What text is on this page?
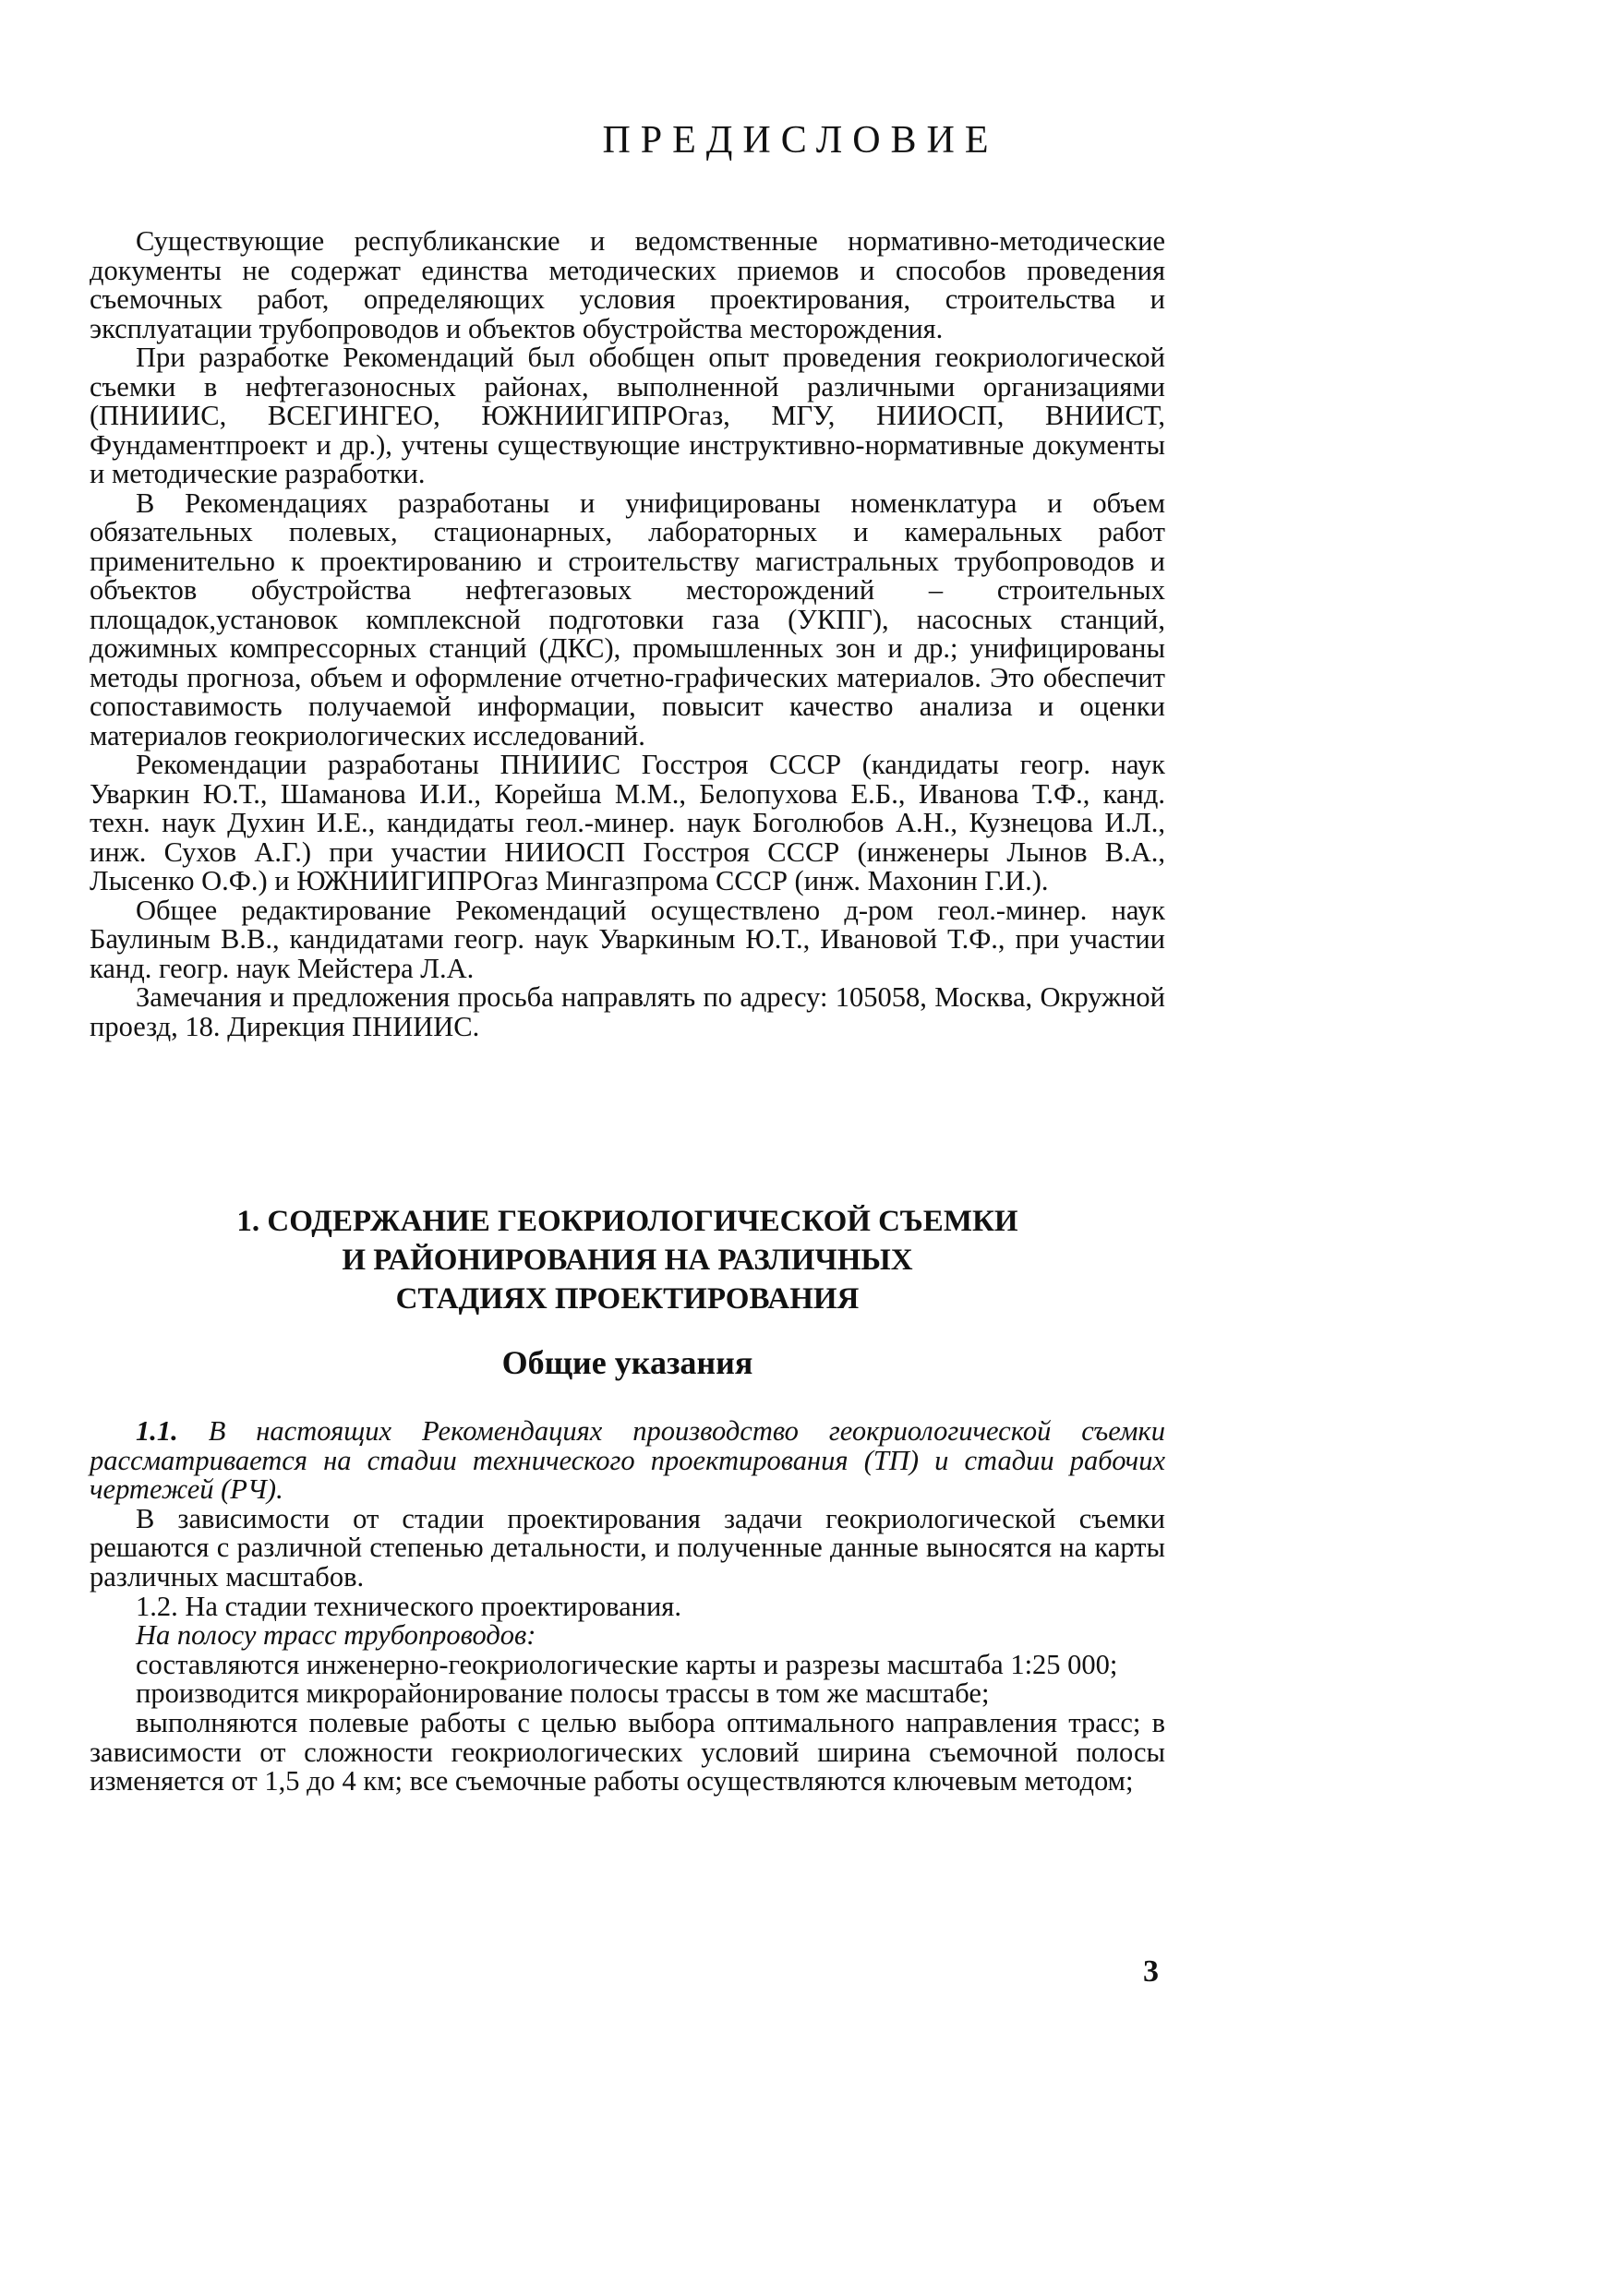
ПРЕДИСЛОВИЕ

Существующие республиканские и ведомственные нормативно-методические документы не содержат единства методических приемов и способов проведения съемочных работ, определяющих условия проектирования, строительства и эксплуатации трубопроводов и объектов обустройства месторождения.

При разработке Рекомендаций был обобщен опыт проведения геокриологической съемки в нефтегазоносных районах, выполненной различными организациями (ПНИИИС, ВСЕГИНГЕО, ЮЖНИИГИПРОгаз, МГУ, НИИОСП, ВНИИСТ, Фундаментпроект и др.), учтены существующие инструктивно-нормативные документы и методические разработки.

В Рекомендациях разработаны и унифицированы номенклатура и объем обязательных полевых, стационарных, лабораторных и камеральных работ применительно к проектированию и строительству магистральных трубопроводов и объектов обустройства нефтегазовых месторождений – строительных площадок,установок комплексной подготовки газа (УКПГ), насосных станций, дожимных компрессорных станций (ДКС), промышленных зон и др.; унифицированы методы прогноза, объем и оформление отчетно-графических материалов. Это обеспечит сопоставимость получаемой информации, повысит качество анализа и оценки материалов геокриологических исследований.

Рекомендации разработаны ПНИИИС Госстроя СССР (кандидаты геогр. наук Уваркин Ю.Т., Шаманова И.И., Корейша М.М., Белопухова Е.Б., Иванова Т.Ф., канд. техн. наук Духин И.Е., кандидаты геол.-минер. наук Боголюбов А.Н., Кузнецова И.Л., инж. Сухов А.Г.) при участии НИИОСП Госстроя СССР (инженеры Лынов В.А., Лысенко О.Ф.) и ЮЖНИИГИПРОгаз Мингазпрома СССР (инж. Махонин Г.И.).

Общее редактирование Рекомендаций осуществлено д-ром геол.-минер. наук Баулиным В.В., кандидатами геогр. наук Уваркиным Ю.Т., Ивановой Т.Ф., при участии канд. геогр. наук Мейстера Л.А.

Замечания и предложения просьба направлять по адресу: 105058, Москва, Окружной проезд, 18. Дирекция ПНИИИС.

1. СОДЕРЖАНИЕ ГЕОКРИОЛОГИЧЕСКОЙ СЪЕМКИ
И РАЙОНИРОВАНИЯ НА РАЗЛИЧНЫХ
СТАДИЯХ ПРОЕКТИРОВАНИЯ
Общие указания

1.1. В настоящих Рекомендациях производство геокриологической съемки рассматривается на стадии технического проектирования (ТП) и стадии рабочих чертежей (РЧ).

В зависимости от стадии проектирования задачи геокриологической съемки решаются с различной степенью детальности, и полученные данные выносятся на карты различных масштабов.

1.2. На стадии технического проектирования.

На полосу трасс трубопроводов:

составляются инженерно-геокриологические карты и разрезы масштаба 1:25 000;

производится микрорайонирование полосы трассы в том же масштабе;

выполняются полевые работы с целью выбора оптимального направления трасс; в зависимости от сложности геокриологических условий ширина съемочной полосы изменяется от 1,5 до 4 км; все съемочные работы осуществляются ключевым методом;

3
